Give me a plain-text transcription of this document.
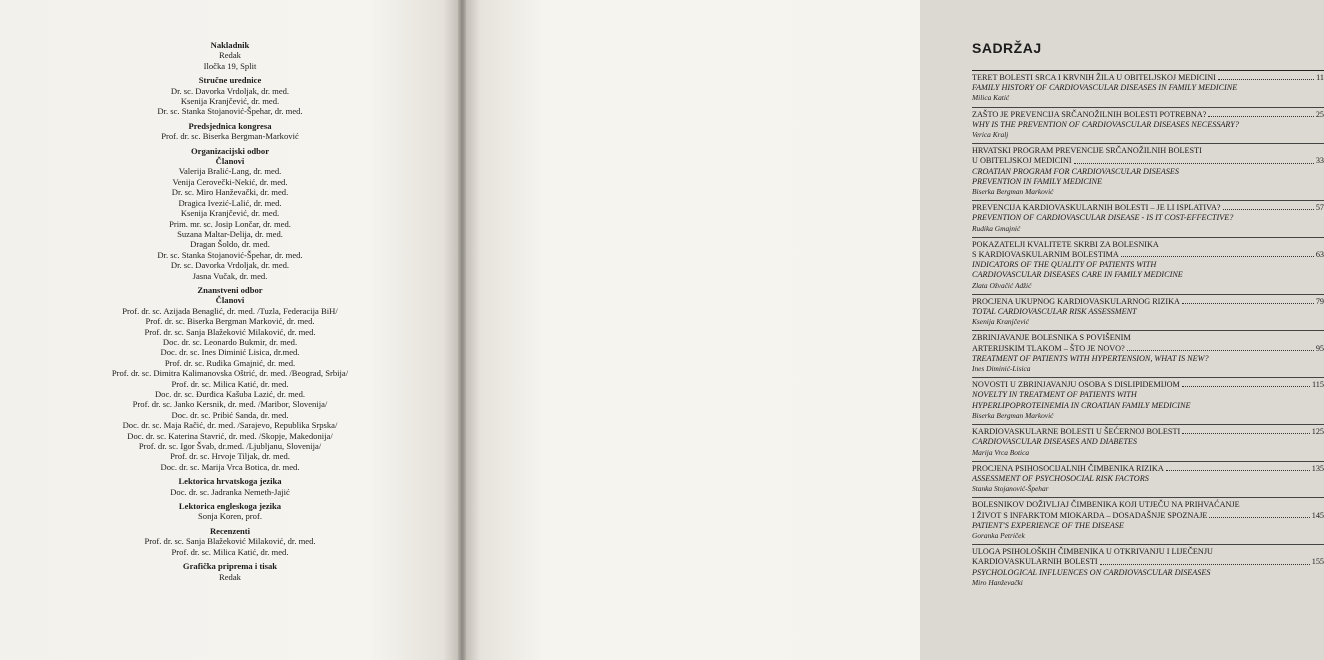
Nakladnik
Redak
Iločka 19, Split
Stručne urednice
Dr. sc. Davorka Vrdoljak, dr. med.
Ksenija Kranjčević, dr. med.
Dr. sc. Stanka Stojanović-Špehar, dr. med.
Predsjednica kongresa
Prof. dr. sc. Biserka Bergman-Marković
Organizacijski odbor
Članovi
Valerija Bralić-Lang, dr. med.
Venija Cerovečki-Nekić, dr. med.
Dr. sc. Miro Hanževački, dr. med.
Dragica Ivezić-Lalić, dr. med.
Ksenija Kranjčević, dr. med.
Prim. mr. sc. Josip Lončar, dr. med.
Suzana Maltar-Delija, dr. med.
Dragan Šoldo, dr. med.
Dr. sc. Stanka Stojanović-Špehar, dr. med.
Dr. sc. Davorka Vrdoljak, dr. med.
Jasna Vučak, dr. med.
Znanstveni odbor
Članovi
Prof. dr. sc. Azijada Benaglić, dr. med. /Tuzla, Federacija BiH/
Prof. dr. sc. Biserka Bergman Marković, dr. med.
Prof. dr. sc. Sanja Blažeković Milaković, dr. med.
Doc. dr. sc. Leonardo Bukmir, dr. med.
Doc. dr. sc. Ines Diminić Lisica, dr.med.
Prof. dr. sc. Rudika Gmajnić, dr. med.
Prof. dr. sc. Dimitra Kalimanovska Oštrić, dr. med. /Beograd, Srbija/
Prof. dr. sc. Milica Katić, dr. med.
Doc. dr. sc. Đurđica Kašuba Lazić, dr. med.
Prof. dr. sc. Janko Kersnik, dr. med. /Maribor, Slovenija/
Doc. dr. sc. Pribić Sanda, dr. med.
Doc. dr. sc. Maja Račić, dr. med. /Sarajevo, Republika Srpska/
Doc. dr. sc. Katerina Stavrić, dr. med. /Skopje, Makedonija/
Prof. dr. sc. Igor Švab, dr.med. /Ljubljanu, Slovenija/
Prof. dr. sc. Hrvoje Tiljak, dr. med.
Doc. dr. sc. Marija Vrca Botica, dr. med.
Lektorica hrvatskoga jezika
Doc. dr. sc. Jadranka Nemeth-Jajić
Lektorica engleskoga jezika
Sonja Koren, prof.
Recenzenti
Prof. dr. sc. Sanja Blažeković Milaković, dr. med.
Prof. dr. sc. Milica Katić, dr. med.
Grafička priprema i tisak
Redak
SADRŽAJ
TERET BOLESTI SRCA I KRVNIH ŽILA U OBITELJSKOJ MEDICINI	11
FAMILY HISTORY OF CARDIOVASCULAR DISEASES IN FAMILY MEDICINE
Milica Katić
ZAŠTO JE PREVENCIJA SRČANOŽILNIH BOLESTI POTREBNA?	25
WHY IS THE PREVENTION OF CARDIOVASCULAR DISEASES NECESSARY?
Verica Kralj
HRVATSKI PROGRAM PREVENCIJE SRČANOŽILNIH BOLESTI
U OBITELJSKOJ MEDICINI	33
CROATIAN PROGRAM FOR CARDIOVASCULAR DISEASES
PREVENTION IN FAMILY MEDICINE
Biserka Bergman Marković
PREVENCIJA KARDIOVASKULARNIH BOLESTI – JE LI ISPLATIVA?	57
PREVENTION OF CARDIOVASCULAR DISEASE - IS IT COST-EFFECTIVE?
Rudika Gmajnić
POKAZATELJI KVALITETE SKRBI ZA BOLESNIKA
S KARDIOVASKULARNIM BOLESTIMA	63
INDICATORS OF THE QUALITY OF PATIENTS WITH
CARDIOVASCULAR DISEASES CARE IN FAMILY MEDICINE
Zlata Ožvačić Adžić
PROCJENA UKUPNOG KARDIOVASKULARNOG RIZIKA	79
TOTAL CARDIOVASCULAR RISK ASSESSMENT
Ksenija Kranjčević
ZBRINJAVANJE BOLESNIKA S POVIŠENIM
ARTERIJSKIM TLAKOM – ŠTO JE NOVO?	95
TREATMENT OF PATIENTS WITH HYPERTENSION, WHAT IS NEW?
Ines Diminić-Lisica
NOVOSTI U ZBRINJAVANJU OSOBA S DISLIPIDEMIJOM	115
NOVELTY IN TREATMENT OF PATIENTS WITH
HYPERLIPOPROTEINEMIA IN CROATIAN FAMILY MEDICINE
Biserka Bergman Marković
KARDIOVASKULARNE BOLESTI U ŠEĆERNOJ BOLESTI	125
CARDIOVASCULAR DISEASES AND DIABETES
Marija Vrca Botica
PROCJENA PSIHOSOCIJALNIH ČIMBENIKA RIZIKA	135
ASSESSMENT OF PSYCHOSOCIAL RISK FACTORS
Stanka Stojanović-Špehar
BOLESNIKOV DOŽIVLJAJ ČIMBENIKA KOJI UTJEČU NA PRIHVAĆANJE
I ŽIVOT S INFARKTOM MIOKARDA – DOSADAŠNJE SPOZNAJE	145
PATIENT'S EXPERIENCE OF THE DISEASE
Goranka Petriček
ULOGA PSIHOLOŠKIH ČIMBENIKA U OTKRIVANJU I LIJEČENJU
KARDIOVASKULARNIH BOLESTI	155
PSYCHOLOGICAL INFLUENCES ON CARDIOVASCULAR DISEASES
Miro Hanževački
